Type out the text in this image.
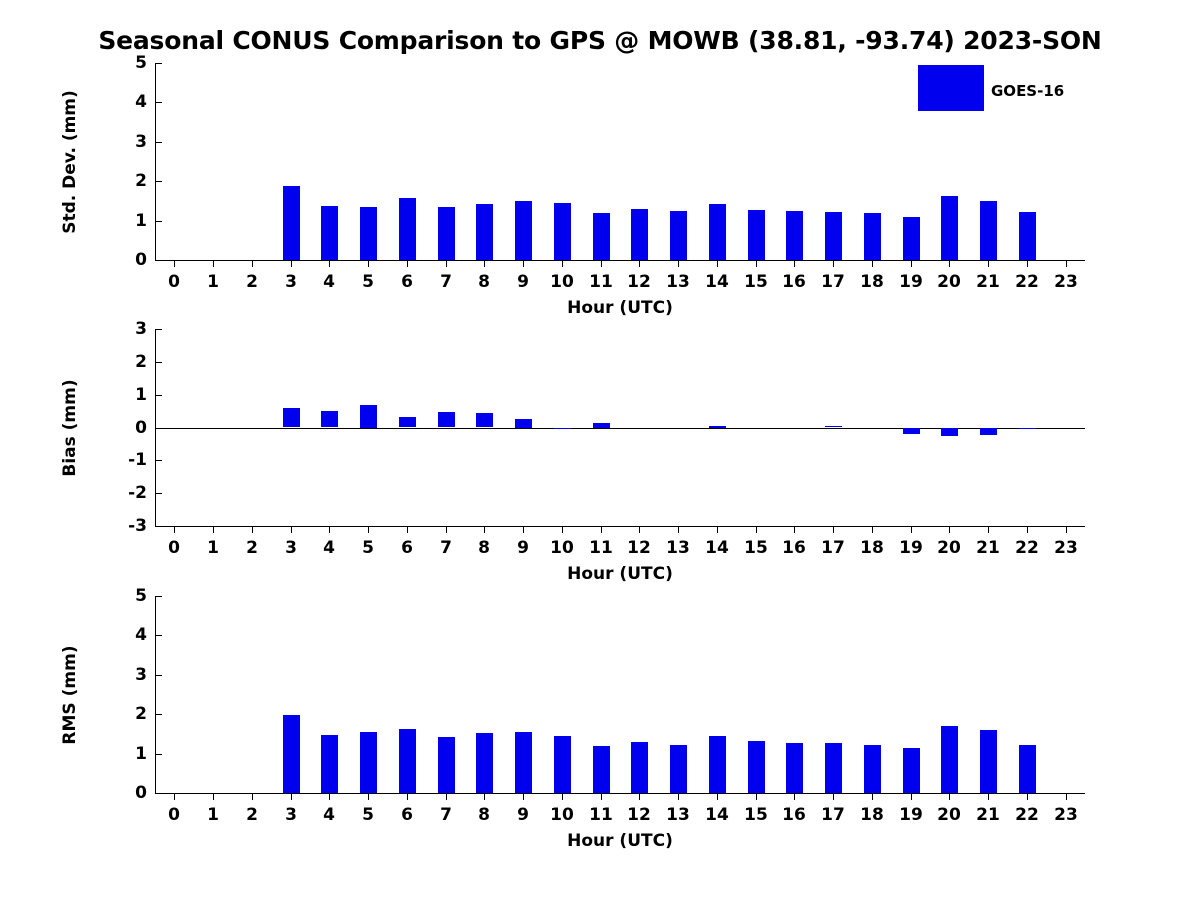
Seasonal CONUS Comparison to GPS @ MOWB (38.81, -93.74) 2023-SON
0
1
2
3
4
5
0	1	2	3	4	5	6	7	8	9	10 11 12 13 14 15 16 17 18 19 20 21 22 23
Hour (UTC)
Std. Dev. (mm)
-3
-2
-1
0
1
2
3
0	1	2	3	4	5	6	7	8	9	10 11 12 13 14 15 16 17 18 19 20 21 22 23
Hour (UTC)
Bias (mm)
0
1
2
3
4
5
0	1	2	3	4	5	6	7	8	9	10 11 12 13 14 15 16 17 18 19 20 21 22 23
Hour (UTC)
RMS (mm)
GOES-16
